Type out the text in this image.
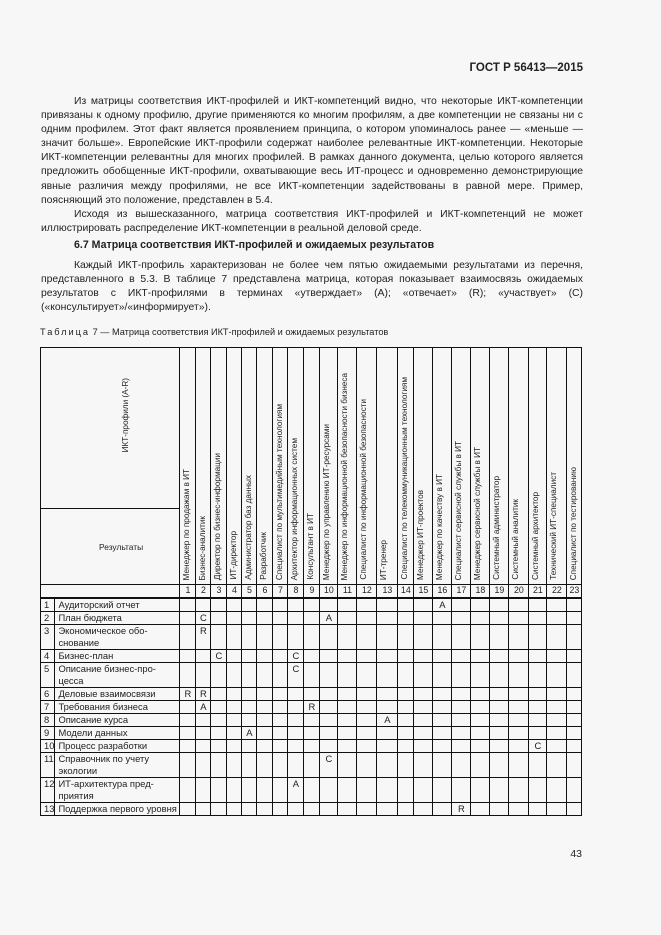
ГОСТ Р 56413—2015

Из матрицы соответствия ИКТ-профилей и ИКТ-компетенций видно, что некоторые ИКТ-компетенции привязаны к одному профилю, другие применяются ко многим профилям, а две компетенции не связаны ни с одним профилем. Этот факт является проявлением принципа, о котором упоминалось ранее — «меньше — значит больше». Европейские ИКТ-профили содержат наиболее релевантные ИКТ-компетенции. Некоторые ИКТ-компетенции релевантны для многих профилей. В рамках данного документа, целью которого является предложить обобщенные ИКТ-профили, охватывающие весь ИТ-процесс и одновременно демонстрирующие явные различия между профилями, не все ИКТ-компетенции задействованы в равной мере. Пример, поясняющий это положение, представлен в 5.4.

Исходя из вышесказанного, матрица соответствия ИКТ-профилей и ИКТ-компетенций не может иллюстрировать распределение ИКТ-компетенции в реальной деловой среде.

6.7 Матрица соответствия ИКТ-профилей и ожидаемых результатов

Каждый ИКТ-профиль характеризован не более чем пятью ожидаемыми результатами из перечня, представленного в 5.3. В таблице 7 представлена матрица, которая показывает взаимосвязь ожидаемых результатов с ИКТ-профилями в терминах «утверждает» (A); «отвечает» (R); «участвует» (C) («консультирует»/«информирует»).

Таблица 7 — Матрица соответствия ИКТ-профилей и ожидаемых результатов
ИКТ-профили (A-R)
Результаты		Менеджер по продажам в ИТ	Бизнес-аналитик	Директор по бизнес-информации	ИТ-директор	Администратор баз данных	Разработчик	Специалист по мультимедийным технологиям	Архитектор информационных систем	Консультант в ИТ	Менеджер по управлению ИТ-ресурсами	Менеджер по информационной безопасности бизнеса	Специалист по информационной безопасности	ИТ-тренер	Специалист по телекоммуникационным технологиям	Менеджер ИТ-проектов	Менеджер по качеству в ИТ	Специалист сервисной службы в ИТ	Менеджер сервисной службы в ИТ	Системный администратор	Системный аналитик	Системный архитектор	Технический ИТ-специалист	Специалист по тестированию
		1	2	3	4	5	6	7	8	9	10	11	12	13	14	15	16	17	18	19	20	21	22	23
1	Аудиторский отчет																A							
2	План бюджета		C								A													
3	Экономическое обо-снование		R																					
4	Бизнес-план			C					C															
5	Описание бизнес-про-цесса								C															
6	Деловые взаимосвязи	R	R																					
7	Требования бизнеса		A							R														
8	Описание курса													A										
9	Модели данных					A																		
10	Процесс разработки																					C		
11	Справочник по учету экологии										C													
12	ИТ-архитектура пред-приятия								A															
13	Поддержка первого уровня																	R						
43
